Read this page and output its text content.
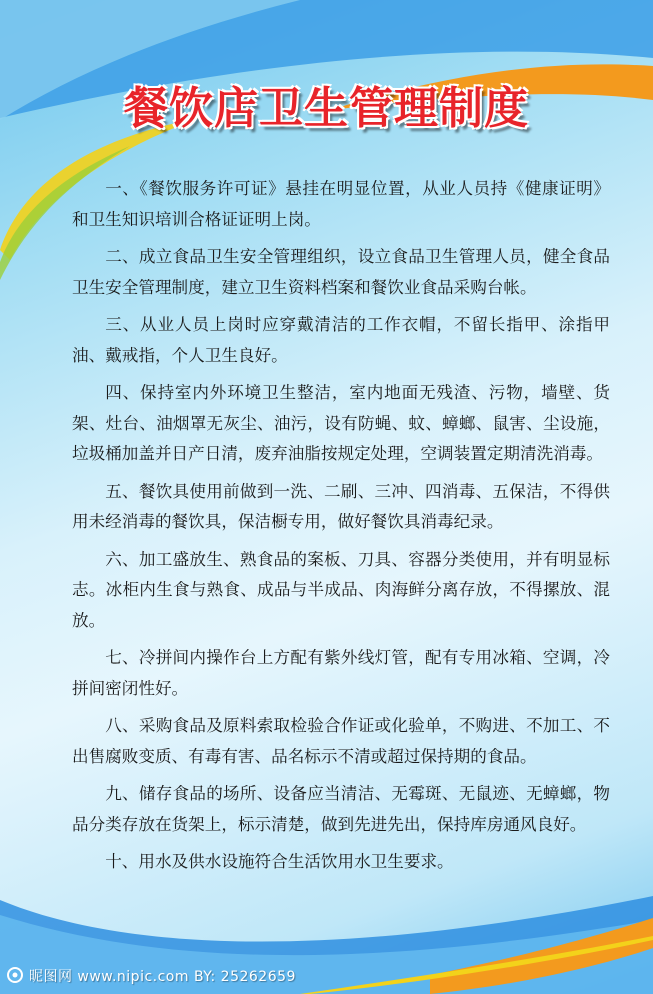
餐饮店卫生管理制度

一、《餐饮服务许可证》悬挂在明显位置，从业人员持《健康证明》和卫生知识培训合格证证明上岗。

二、成立食品卫生安全管理组织，设立食品卫生管理人员，健全食品卫生安全管理制度，建立卫生资料档案和餐饮业食品采购台帐。

三、从业人员上岗时应穿戴清洁的工作衣帽，不留长指甲、涂指甲油、戴戒指，个人卫生良好。

四、保持室内外环境卫生整洁，室内地面无残渣、污物，墙壁、货架、灶台、油烟罩无灰尘、油污，设有防蝇、蚊、蟑螂、鼠害、尘设施，垃圾桶加盖并日产日清，废弃油脂按规定处理，空调装置定期清洗消毒。

五、餐饮具使用前做到一洗、二刷、三冲、四消毒、五保洁，不得供用未经消毒的餐饮具，保洁橱专用，做好餐饮具消毒纪录。

六、加工盛放生、熟食品的案板、刀具、容器分类使用，并有明显标志。冰柜内生食与熟食、成品与半成品、肉海鲜分离存放，不得摞放、混放。

七、冷拼间内操作台上方配有紫外线灯管，配有专用冰箱、空调，冷拼间密闭性好。

八、采购食品及原料索取检验合作证或化验单，不购进、不加工、不出售腐败变质、有毒有害、品名标示不清或超过保持期的食品。

九、储存食品的场所、设备应当清洁、无霉斑、无鼠迹、无蟑螂，物品分类存放在货架上，标示清楚，做到先进先出，保持库房通风良好。

十、用水及供水设施符合生活饮用水卫生要求。

昵图网 www.nipic.com BY: 25262659
